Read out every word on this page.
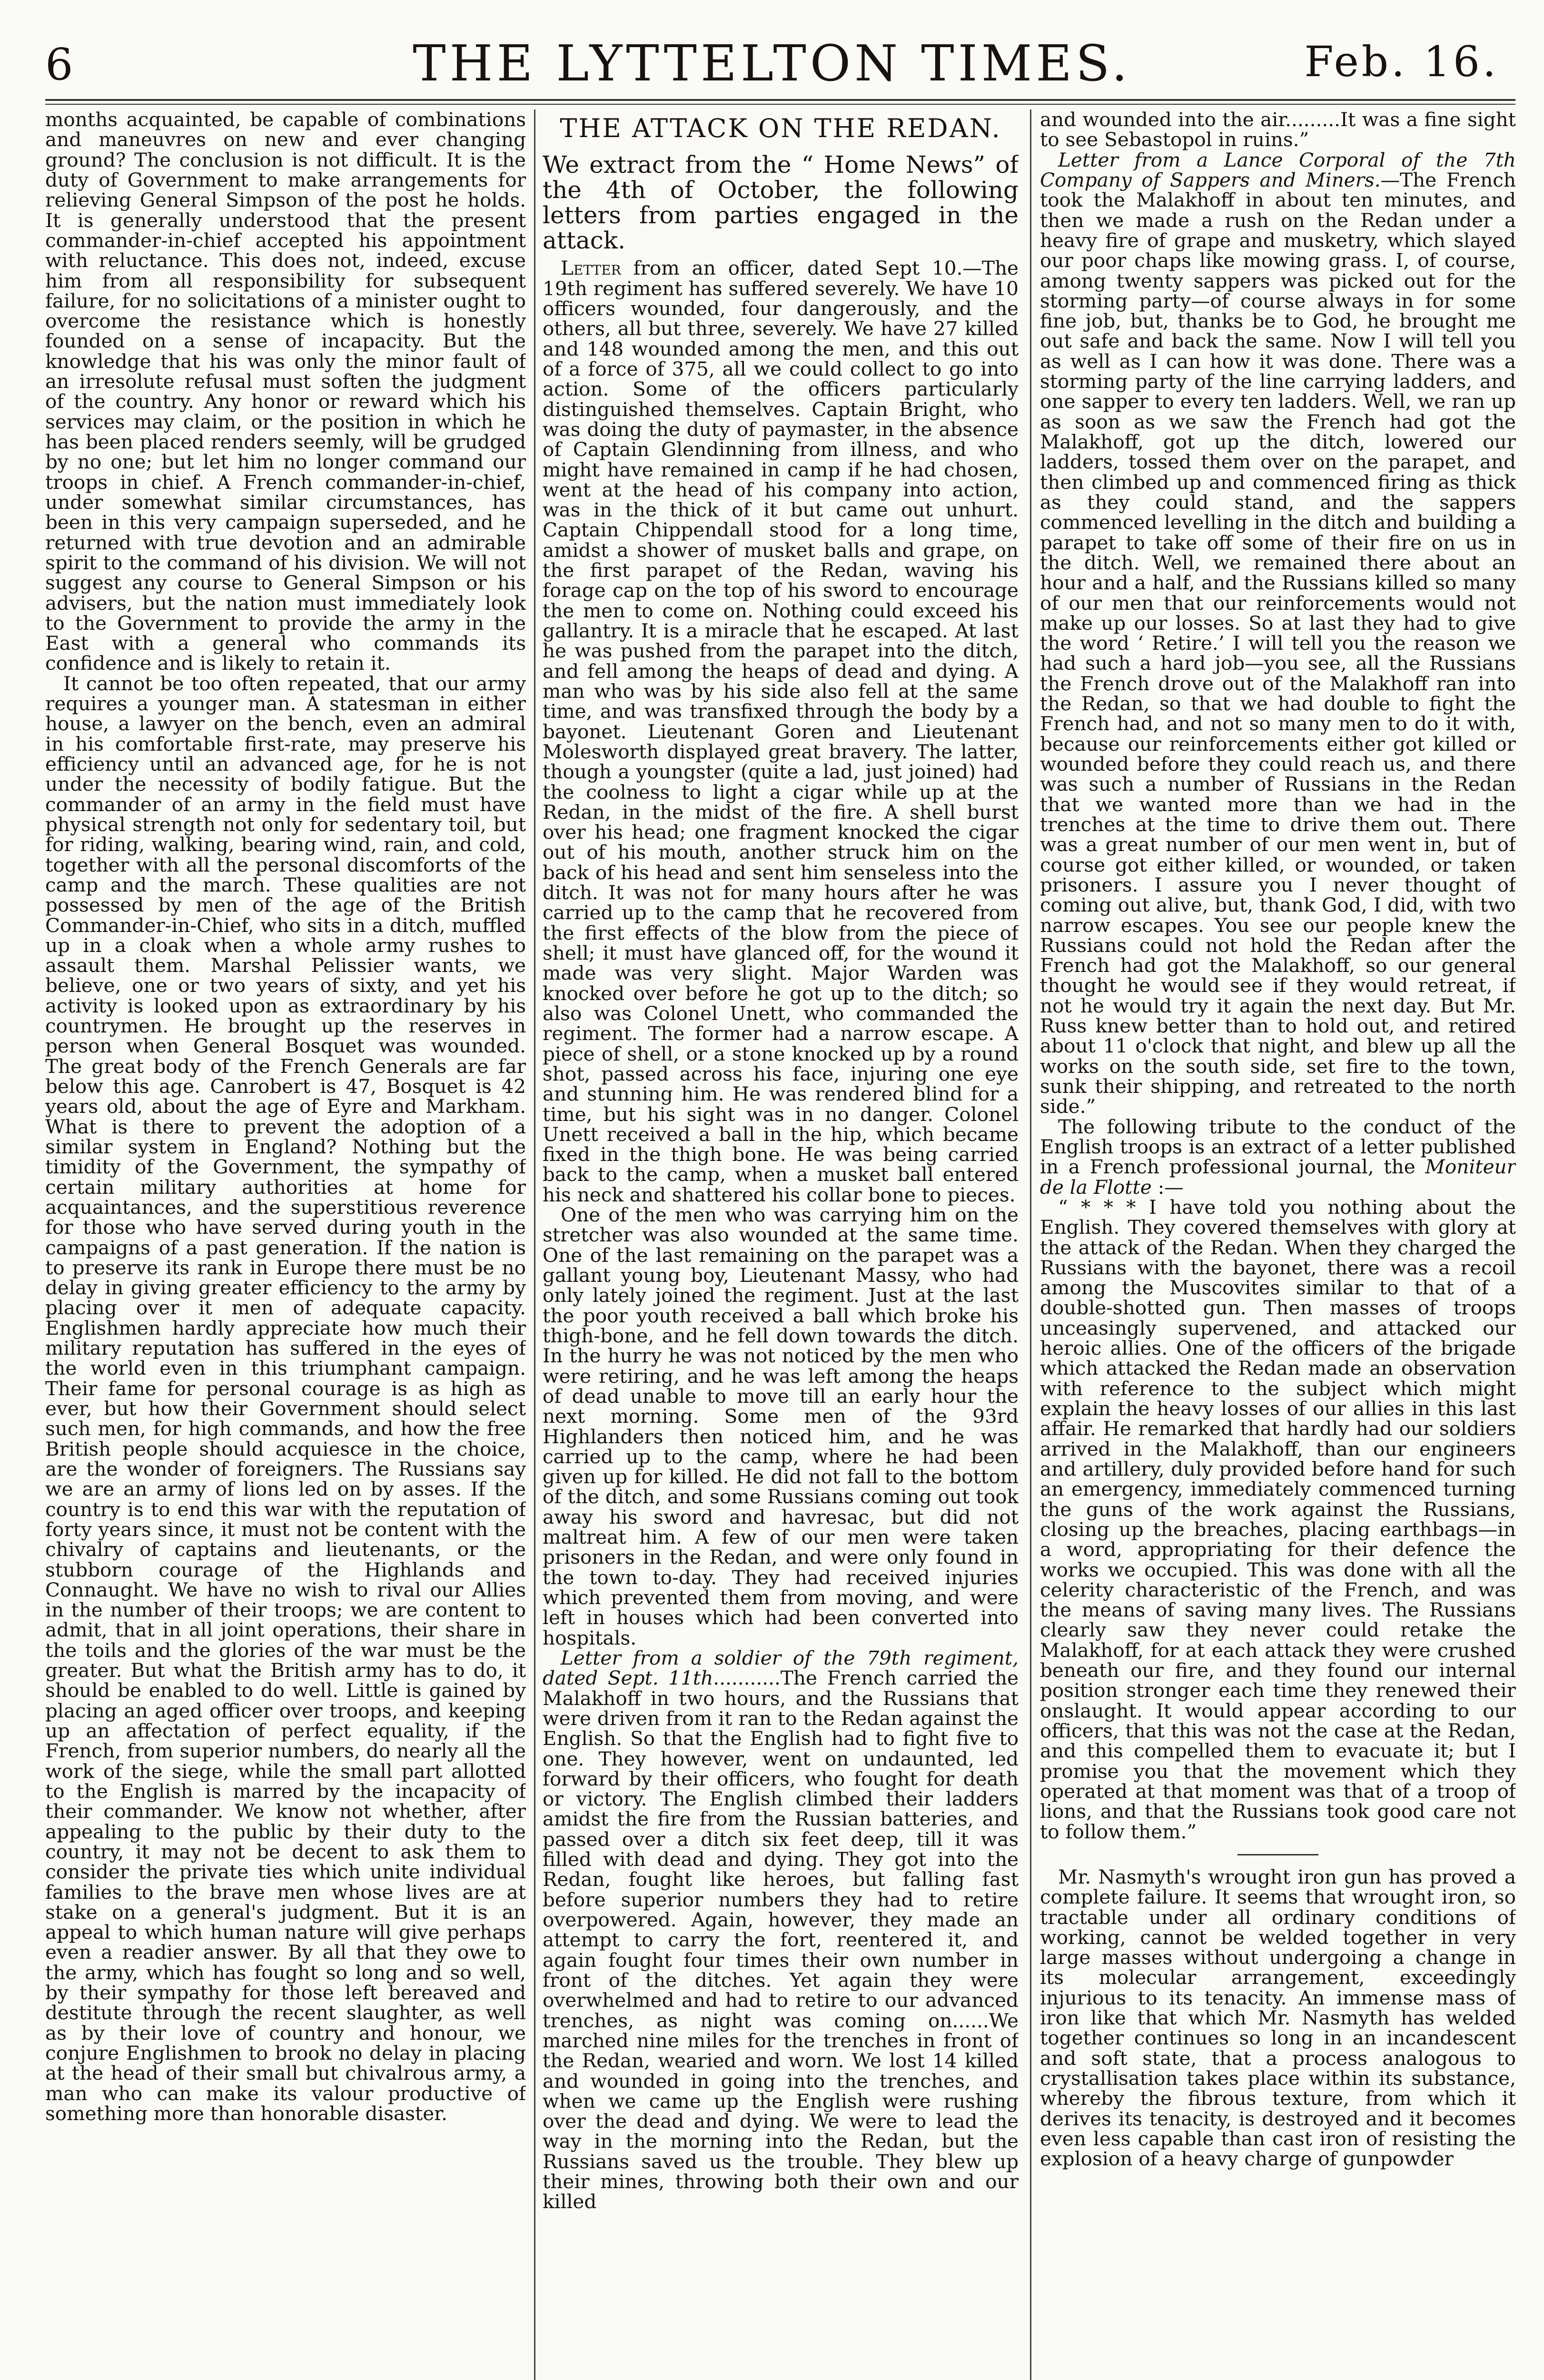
6	THE LYTTELTON TIMES.	Feb. 16.

months acquainted, be capable of combinations and maneuvres on new and ever changing ground? The conclusion is not difficult. It is the duty of Government to make arrangements for relieving General Simpson of the post he holds. It is generally understood that the present commander-in-chief accepted his appointment with reluctance. This does not, indeed, excuse him from all responsibility for subsequent failure, for no solicitations of a minister ought to overcome the resistance which is honestly founded on a sense of incapacity. But the knowledge that his was only the minor fault of an irresolute refusal must soften the judgment of the country. Any honor or reward which his services may claim, or the position in which he has been placed renders seemly, will be grudged by no one; but let him no longer command our troops in chief. A French commander-in-chief, under somewhat similar circumstances, has been in this very campaign superseded, and he returned with true devotion and an admirable spirit to the command of his division. We will not suggest any course to General Simpson or his advisers, but the nation must immediately look to the Government to provide the army in the East with a general who commands its confidence and is likely to retain it.

It cannot be too often repeated, that our army requires a younger man. A statesman in either house, a lawyer on the bench, even an admiral in his comfortable first-rate, may preserve his efficiency until an advanced age, for he is not under the necessity of bodily fatigue. But the commander of an army in the field must have physical strength not only for sedentary toil, but for riding, walking, bearing wind, rain, and cold, together with all the personal discomforts of the camp and the march. These qualities are not possessed by men of the age of the British Commander-in-Chief, who sits in a ditch, muffled up in a cloak when a whole army rushes to assault them. Marshal Pelissier wants, we believe, one or two years of sixty, and yet his activity is looked upon as extraordinary by his countrymen. He brought up the reserves in person when General Bosquet was wounded. The great body of the French Generals are far below this age. Canrobert is 47, Bosquet is 42 years old, about the age of Eyre and Markham. What is there to prevent the adoption of a similar system in England? Nothing but the timidity of the Government, the sympathy of certain military authorities at home for acquaintances, and the superstitious reverence for those who have served during youth in the campaigns of a past generation. If the nation is to preserve its rank in Europe there must be no delay in giving greater efficiency to the army by placing over it men of adequate capacity. Englishmen hardly appreciate how much their military reputation has suffered in the eyes of the world even in this triumphant campaign. Their fame for personal courage is as high as ever, but how their Government should select such men, for high commands, and how the free British people should acquiesce in the choice, are the wonder of foreigners. The Russians say we are an army of lions led on by asses. If the country is to end this war with the reputation of forty years since, it must not be content with the chivalry of captains and lieutenants, or the stubborn courage of the Highlands and Connaught. We have no wish to rival our Allies in the number of their troops; we are content to admit, that in all joint operations, their share in the toils and the glories of the war must be the greater. But what the British army has to do, it should be enabled to do well. Little is gained by placing an aged officer over troops, and keeping up an affectation of perfect equality, if the French, from superior numbers, do nearly all the work of the siege, while the small part allotted to the English is marred by the incapacity of their commander. We know not whether, after appealing to the public by their duty to the country, it may not be decent to ask them to consider the private ties which unite individual families to the brave men whose lives are at stake on a general's judgment. But it is an appeal to which human nature will give perhaps even a readier answer. By all that they owe to the army, which has fought so long and so well, by their sympathy for those left bereaved and destitute through the recent slaughter, as well as by their love of country and honour, we conjure Englishmen to brook no delay in placing at the head of their small but chivalrous army, a man who can make its valour productive of something more than honorable disaster.

THE ATTACK ON THE REDAN.

We extract from the “ Home News” of the 4th of October, the following letters from parties engaged in the attack.

Letter from an officer, dated Sept 10.—The 19th regiment has suffered severely. We have 10 officers wounded, four dangerously, and the others, all but three, severely. We have 27 killed and 148 wounded among the men, and this out of a force of 375, all we could collect to go into action. Some of the officers particularly distinguished themselves. Captain Bright, who was doing the duty of paymaster, in the absence of Captain Glendinning from illness, and who might have remained in camp if he had chosen, went at the head of his company into action, was in the thick of it but came out unhurt. Captain Chippendall stood for a long time, amidst a shower of musket balls and grape, on the first parapet of the Redan, waving his forage cap on the top of his sword to encourage the men to come on. Nothing could exceed his gallantry. It is a miracle that he escaped. At last he was pushed from the parapet into the ditch, and fell among the heaps of dead and dying. A man who was by his side also fell at the same time, and was transfixed through the body by a bayonet. Lieutenant Goren and Lieutenant Molesworth displayed great bravery. The latter, though a youngster (quite a lad, just joined) had the coolness to light a cigar while up at the Redan, in the midst of the fire. A shell burst over his head; one fragment knocked the cigar out of his mouth, another struck him on the back of his head and sent him senseless into the ditch. It was not for many hours after he was carried up to the camp that he recovered from the first effects of the blow from the piece of shell; it must have glanced off, for the wound it made was very slight. Major Warden was knocked over before he got up to the ditch; so also was Colonel Unett, who commanded the regiment. The former had a narrow escape. A piece of shell, or a stone knocked up by a round shot, passed across his face, injuring one eye and stunning him. He was rendered blind for a time, but his sight was in no danger. Colonel Unett received a ball in the hip, which became fixed in the thigh bone. He was being carried back to the camp, when a musket ball entered his neck and shattered his collar bone to pieces.

One of the men who was carrying him on the stretcher was also wounded at the same time. One of the last remaining on the parapet was a gallant young boy, Lieutenant Massy, who had only lately joined the regiment. Just at the last the poor youth received a ball which broke his thigh-bone, and he fell down towards the ditch. In the hurry he was not noticed by the men who were retiring, and he was left among the heaps of dead unable to move till an early hour the next morning. Some men of the 93rd Highlanders then noticed him, and he was carried up to the camp, where he had been given up for killed. He did not fall to the bottom of the ditch, and some Russians coming out took away his sword and havresac, but did not maltreat him. A few of our men were taken prisoners in the Redan, and were only found in the town to-day. They had received injuries which prevented them from moving, and were left in houses which had been converted into hospitals.

Letter from a soldier of the 79th regiment, dated Sept. 11th...........The French carried the Malakhoff in two hours, and the Russians that were driven from it ran to the Redan against the English. So that the English had to fight five to one. They however, went on undaunted, led forward by their officers, who fought for death or victory. The English climbed their ladders amidst the fire from the Russian batteries, and passed over a ditch six feet deep, till it was filled with dead and dying. They got into the Redan, fought like heroes, but falling fast before superior numbers they had to retire overpowered. Again, however, they made an attempt to carry the fort, reentered it, and again fought four times their own number in front of the ditches. Yet again they were overwhelmed and had to retire to our advanced trenches, as night was coming on......We marched nine miles for the trenches in front of the Redan, wearied and worn. We lost 14 killed and wounded in going into the trenches, and when we came up the English were rushing over the dead and dying. We were to lead the way in the morning into the Redan, but the Russians saved us the trouble. They blew up their mines, throwing both their own and our killed

and wounded into the air.........It was a fine sight to see Sebastopol in ruins.”

Letter from a Lance Corporal of the 7th Company of Sappers and Miners.—The French took the Malakhoff in about ten minutes, and then we made a rush on the Redan under a heavy fire of grape and musketry, which slayed our poor chaps like mowing grass. I, of course, among twenty sappers was picked out for the storming party—of course always in for some fine job, but, thanks be to God, he brought me out safe and back the same. Now I will tell you as well as I can how it was done. There was a storming party of the line carrying ladders, and one sapper to every ten ladders. Well, we ran up as soon as we saw the French had got the Malakhoff, got up the ditch, lowered our ladders, tossed them over on the parapet, and then climbed up and commenced firing as thick as they could stand, and the sappers commenced levelling in the ditch and building a parapet to take off some of their fire on us in the ditch. Well, we remained there about an hour and a half, and the Russians killed so many of our men that our reinforcements would not make up our losses. So at last they had to give the word ‘ Retire.’ I will tell you the reason we had such a hard job—you see, all the Russians the French drove out of the Malakhoff ran into the Redan, so that we had double to fight the French had, and not so many men to do it with, because our reinforcements either got killed or wounded before they could reach us, and there was such a number of Russians in the Redan that we wanted more than we had in the trenches at the time to drive them out. There was a great number of our men went in, but of course got either killed, or wounded, or taken prisoners. I assure you I never thought of coming out alive, but, thank God, I did, with two narrow escapes. You see our people knew the Russians could not hold the Redan after the French had got the Malakhoff, so our general thought he would see if they would retreat, if not he would try it again the next day. But Mr. Russ knew better than to hold out, and retired about 11 o'clock that night, and blew up all the works on the south side, set fire to the town, sunk their shipping, and retreated to the north side.”

The following tribute to the conduct of the English troops is an extract of a letter published in a French professional journal, the Moniteur de la Flotte :—

“ * * * I have told you nothing about the English. They covered themselves with glory at the attack of the Redan. When they charged the Russians with the bayonet, there was a recoil among the Muscovites similar to that of a double-shotted gun. Then masses of troops unceasingly supervened, and attacked our heroic allies. One of the officers of the brigade which attacked the Redan made an observation with reference to the subject which might explain the heavy losses of our allies in this last affair. He remarked that hardly had our soldiers arrived in the Malakhoff, than our engineers and artillery, duly provided before hand for such an emergency, immediately commenced turning the guns of the work against the Russians, closing up the breaches, placing earthbags—in a word, appropriating for their defence the works we occupied. This was done with all the celerity characteristic of the French, and was the means of saving many lives. The Russians clearly saw they never could retake the Malakhoff, for at each attack they were crushed beneath our fire, and they found our internal position stronger each time they renewed their onslaught. It would appear according to our officers, that this was not the case at the Redan, and this compelled them to evacuate it; but I promise you that the movement which they operated at that moment was that of a troop of lions, and that the Russians took good care not to follow them.”

Mr. Nasmyth's wrought iron gun has proved a complete failure. It seems that wrought iron, so tractable under all ordinary conditions of working, cannot be welded together in very large masses without undergoing a change in its molecular arrangement, exceedingly injurious to its tenacity. An immense mass of iron like that which Mr. Nasmyth has welded together continues so long in an incandescent and soft state, that a process analogous to crystallisation takes place within its substance, whereby the fibrous texture, from which it derives its tenacity, is destroyed and it becomes even less capable than cast iron of resisting the explosion of a heavy charge of gunpowder
